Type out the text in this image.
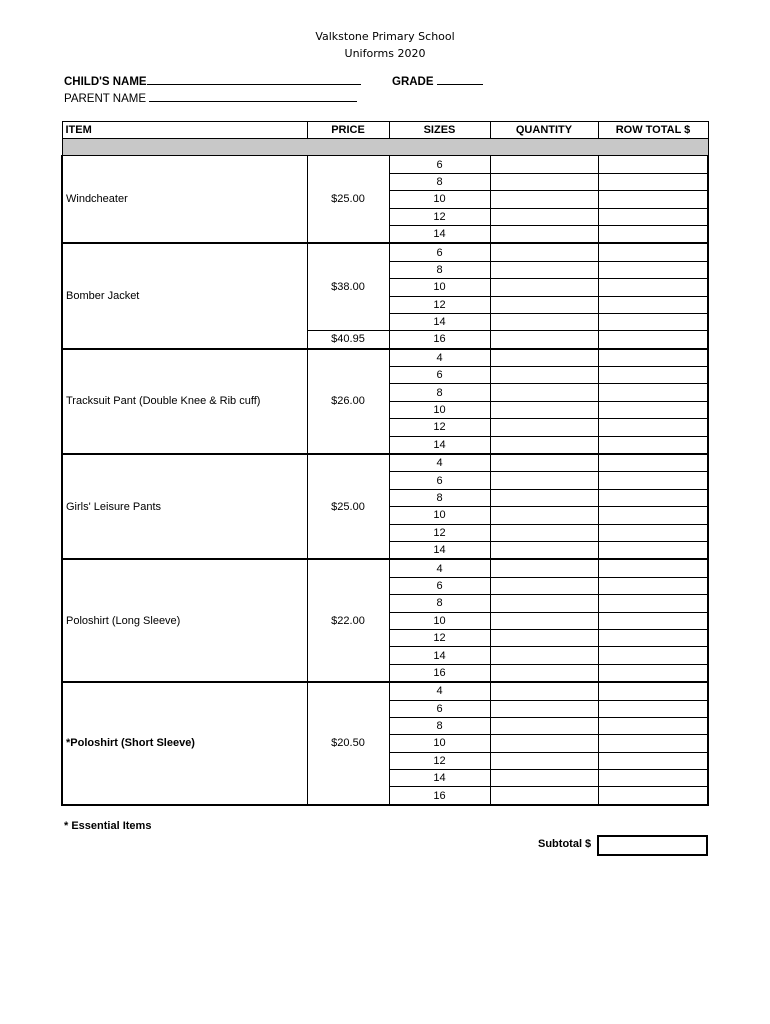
Valkstone Primary School
Uniforms 2020
CHILD'S NAME	GRADE
PARENT NAME
ITEM	PRICE	SIZES	QUANTITY	ROW TOTAL $

Windcheater	$25.00	6		
		8		
		10		
		12		
		14		
Bomber Jacket	$38.00	6		
		8		
		10		
		12		
		14		
	$40.95	16		
Tracksuit Pant (Double Knee & Rib cuff)	$26.00	4		
		6		
		8		
		10		
		12		
		14		
Girls' Leisure Pants	$25.00	4		
		6		
		8		
		10		
		12		
		14		
Poloshirt (Long Sleeve)	$22.00	4		
		6		
		8		
		10		
		12		
		14		
		16		
*Poloshirt (Short Sleeve)	$20.50	4		
		6		
		8		
		10		
		12		
		14		
		16		
* Essential Items
Subtotal $
